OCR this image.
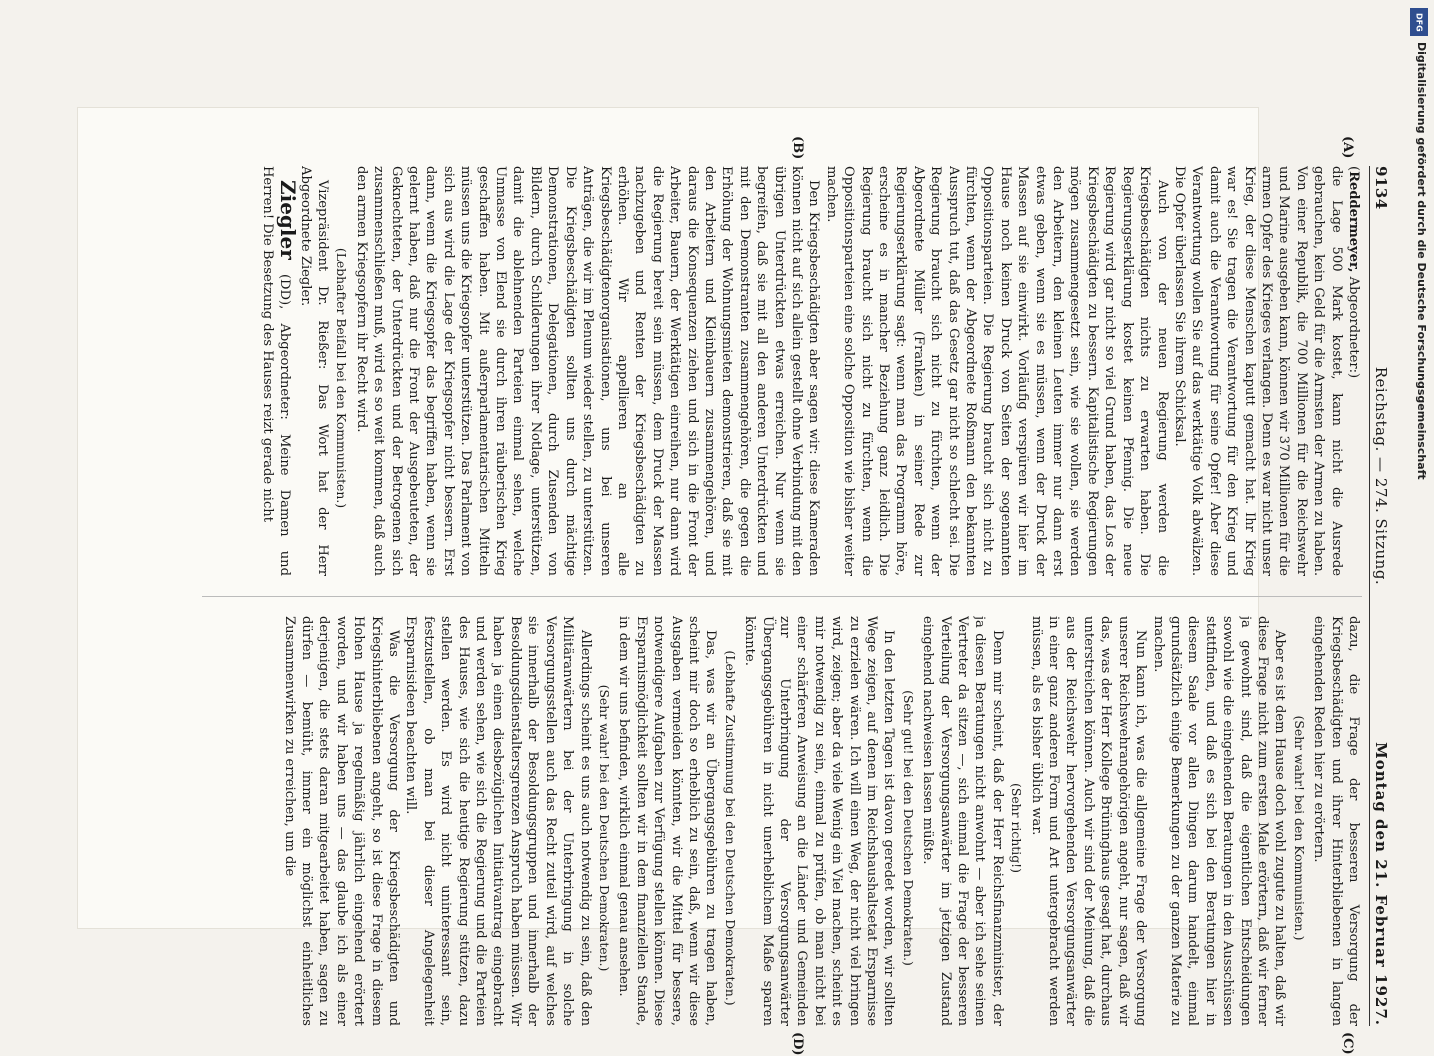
9134
Reichstag. — 274. Sitzung.
Montag den 21. Februar 1927.

(Reddermeyer, Abgeordneter:)

die Lage 500 Mark kostet, kann nicht die Ausrede gebrauchen, kein Geld für die Armsten der Armen zu haben. Von einer Republik, die 700 Millionen für die Reichswehr und Marine ausgeben kann, können wir 370 Millionen für die armen Opfer des Krieges verlangen. Denn es war nicht unser Krieg, der diese Menschen kaputt gemacht hat. Ihr Krieg war es! Sie tragen die Verantwortung für den Krieg und damit auch die Verantwortung für seine Opfer! Aber diese Verantwortung wollen Sie auf das werktätige Volk abwälzen. Die Opfer überlassen Sie ihrem Schicksal.

Auch von der neuen Regierung werden die Kriegsbeschädigten nichts zu erwarten haben. Die Regierungserklärung kostet keinen Pfennig. Die neue Regierung wird gar nicht so viel Grund haben, das Los der Kriegsbeschädigten zu bessern. Kapitalistische Regierungen mögen zusammengesetzt sein, wie sie wollen, sie werden den Arbeitern, den kleinen Leuten immer nur dann erst etwas geben, wenn sie es müssen, wenn der Druck der Massen auf sie einwirkt. Vorläufig verspüren wir hier im Hause noch keinen Druck von Seiten der sogenannten Oppositionsparteien. Die Regierung braucht sich nicht zu fürchten, wenn der Abgeordnete Roßmann den bekannten Ausspruch tut, daß das Gesetz gar nicht so schlecht sei. Die Regierung braucht sich nicht zu fürchten, wenn der Abgeordnete Müller (Franken) in seiner Rede zur Regierungserklärung sagt: wenn man das Programm höre, erscheine es in mancher Beziehung ganz leidlich. Die Regierung braucht sich nicht zu fürchten, wenn die Oppositionsparteien eine solche Opposition wie bisher weiter machen.

Den Kriegsbeschädigten aber sagen wir: diese Kameraden können nicht auf sich allein gestellt ohne Verbindung mit den übrigen Unterdrückten etwas erreichen. Nur wenn sie begreifen, daß sie mit all den anderen Unterdrückten und mit den Demonstranten zusammengehören, die gegen die Erhöhung der Wohnungsmieten demonstrieren, daß sie mit den Arbeitern und Kleinbauern zusammengehören, und daraus die Konsequenzen ziehen und sich in die Front der Arbeiter, Bauern, der Werktätigen einreihen, nur dann wird die Regierung bereit sein müssen, dem Druck der Massen nachzugeben und Renten der Kriegsbeschädigten zu erhöhen. Wir appellieren an alle Kriegsbeschädigtenorganisationen, uns bei unseren Anträgen, die wir im Plenum wieder stellen, zu unterstützen. Die Kriegsbeschädigten sollten uns durch mächtige Demonstrationen, Delegationen, durch Zusenden von Bildern, durch Schilderungen ihrer Notlage, unterstützen, damit die ablehnenden Parteien einmal sehen, welche Unmasse von Elend sie durch ihren räuberischen Krieg geschaffen haben. Mit außerparlamentarischen Mitteln müssen uns die Kriegsopfer unterstützen. Das Parlament von sich aus wird die Lage der Kriegsopfer nicht bessern. Erst dann, wenn die Kriegsopfer das begriffen haben, wenn sie gelernt haben, daß nur die Front der Ausgebeuteten, der Geknechteten, der Unterdrückten und der Betrogenen sich zusammenschließen muß, wird es so weit kommen, daß auch den armen Kriegsopfern ihr Recht wird.

(Lebhafter Beifall bei den Kommunisten.)

Vizepräsident Dr. Rießer: Das Wort hat der Herr Abgeordnete Ziegler.

Ziegler (DD), Abgeordneter: Meine Damen und Herren! Die Besetzung des Hauses reizt gerade nicht

dazu, die Frage der besseren Versorgung der Kriegsbeschädigten und ihrer Hinterbliebenen in langen eingehenden Reden hier zu erörtern.

(Sehr wahr! bei den Kommunisten.)

Aber es ist dem Hause doch wohl zugute zu halten, daß wir diese Frage nicht zum ersten Male erörtern, daß wir ferner ja gewohnt sind, daß die eigentlichen Entscheidungen sowohl wie die eingehenden Beratungen in den Ausschüssen stattfinden, und daß es sich bei den Beratungen hier in diesem Saale vor allen Dingen darum handelt, einmal grundsätzlich einige Bemerkungen zu der ganzen Materie zu machen.

Nun kann ich, was die allgemeine Frage der Versorgung unserer Reichswehrangehörigen angeht, nur sagen, daß wir das, was der Herr Kollege Brüninghaus gesagt hat, durchaus unterstreichen können. Auch wir sind der Meinung, daß die aus der Reichswehr hervorgehenden Versorgungsanwärter in einer ganz anderen Form und Art untergebracht werden müssen, als es bisher üblich war.

(Sehr richtig!)

Denn mir scheint, daß der Herr Reichsfinanzminister, der ja diesen Beratungen nicht anwohnt — aber ich sehe seinen Vertreter da sitzen —, sich einmal die Frage der besseren Verteilung der Versorgungsanwärter im jetzigen Zustand eingehend nachweisen lassen müßte.

(Sehr gut! bei den Deutschen Demokraten.)

In den letzten Tagen ist davon geredet worden, wir sollten Wege zeigen, auf denen im Reichshaushaltsetat Ersparnisse zu erzielen wären. Ich will einen Weg, der nicht viel bringen wird, zeigen; aber da viele Wenig ein Viel machen, scheint es mir notwendig zu sein, einmal zu prüfen, ob man nicht bei einer schärferen Anweisung an die Länder und Gemeinden zur Unterbringung der Versorgungsanwärter Übergangsgebühren in nicht unerheblichem Maße sparen könnte.

(Lebhafte Zustimmung bei den Deutschen Demokraten.)

Das, was wir an Übergangsgebühren zu tragen haben, scheint mir doch so erheblich zu sein, daß, wenn wir diese Ausgaben vermeiden könnten, wir die Mittel für bessere, notwendigere Aufgaben zur Verfügung stellen können. Diese Ersparnismöglichkeit sollten wir in dem finanziellen Stande, in dem wir uns befinden, wirklich einmal genau ansehen.

(Sehr wahr! bei den Deutschen Demokraten.)

Allerdings scheint es uns auch notwendig zu sein, daß den Militäranwärtern bei der Unterbringung in solche Versorgungsstellen auch das Recht zuteil wird, auf welches sie innerhalb der Besoldungsgruppen und innerhalb der Besoldungsdienstaltersgrenzen Anspruch haben müssen. Wir haben ja einen diesbezüglichen Initiativantrag eingebracht und werden sehen, wie sich die Regierung und die Parteien des Hauses, wie sich die heutige Regierung stützen, dazu stellen werden. Es wird nicht uninteressant sein, festzustellen, ob man bei dieser Angelegenheit Ersparnisideen beachten will.

Was die Versorgung der Kriegsbeschädigten und Kriegshinterbliebenen angeht, so ist diese Frage in diesem Hohen Hause ja regelmäßig jährlich eingehend erörtert worden, und wir haben uns — das glaube ich als einer derjenigen, die stets daran mitgearbeitet haben, sagen zu dürfen — bemüht, immer ein möglichst einheitliches Zusammenwirken zu erreichen, um die

(A)
(B)
(C)
(D)
DFG
Digitalisierung gefördert durch die Deutsche Forschungsgemeinschaft
